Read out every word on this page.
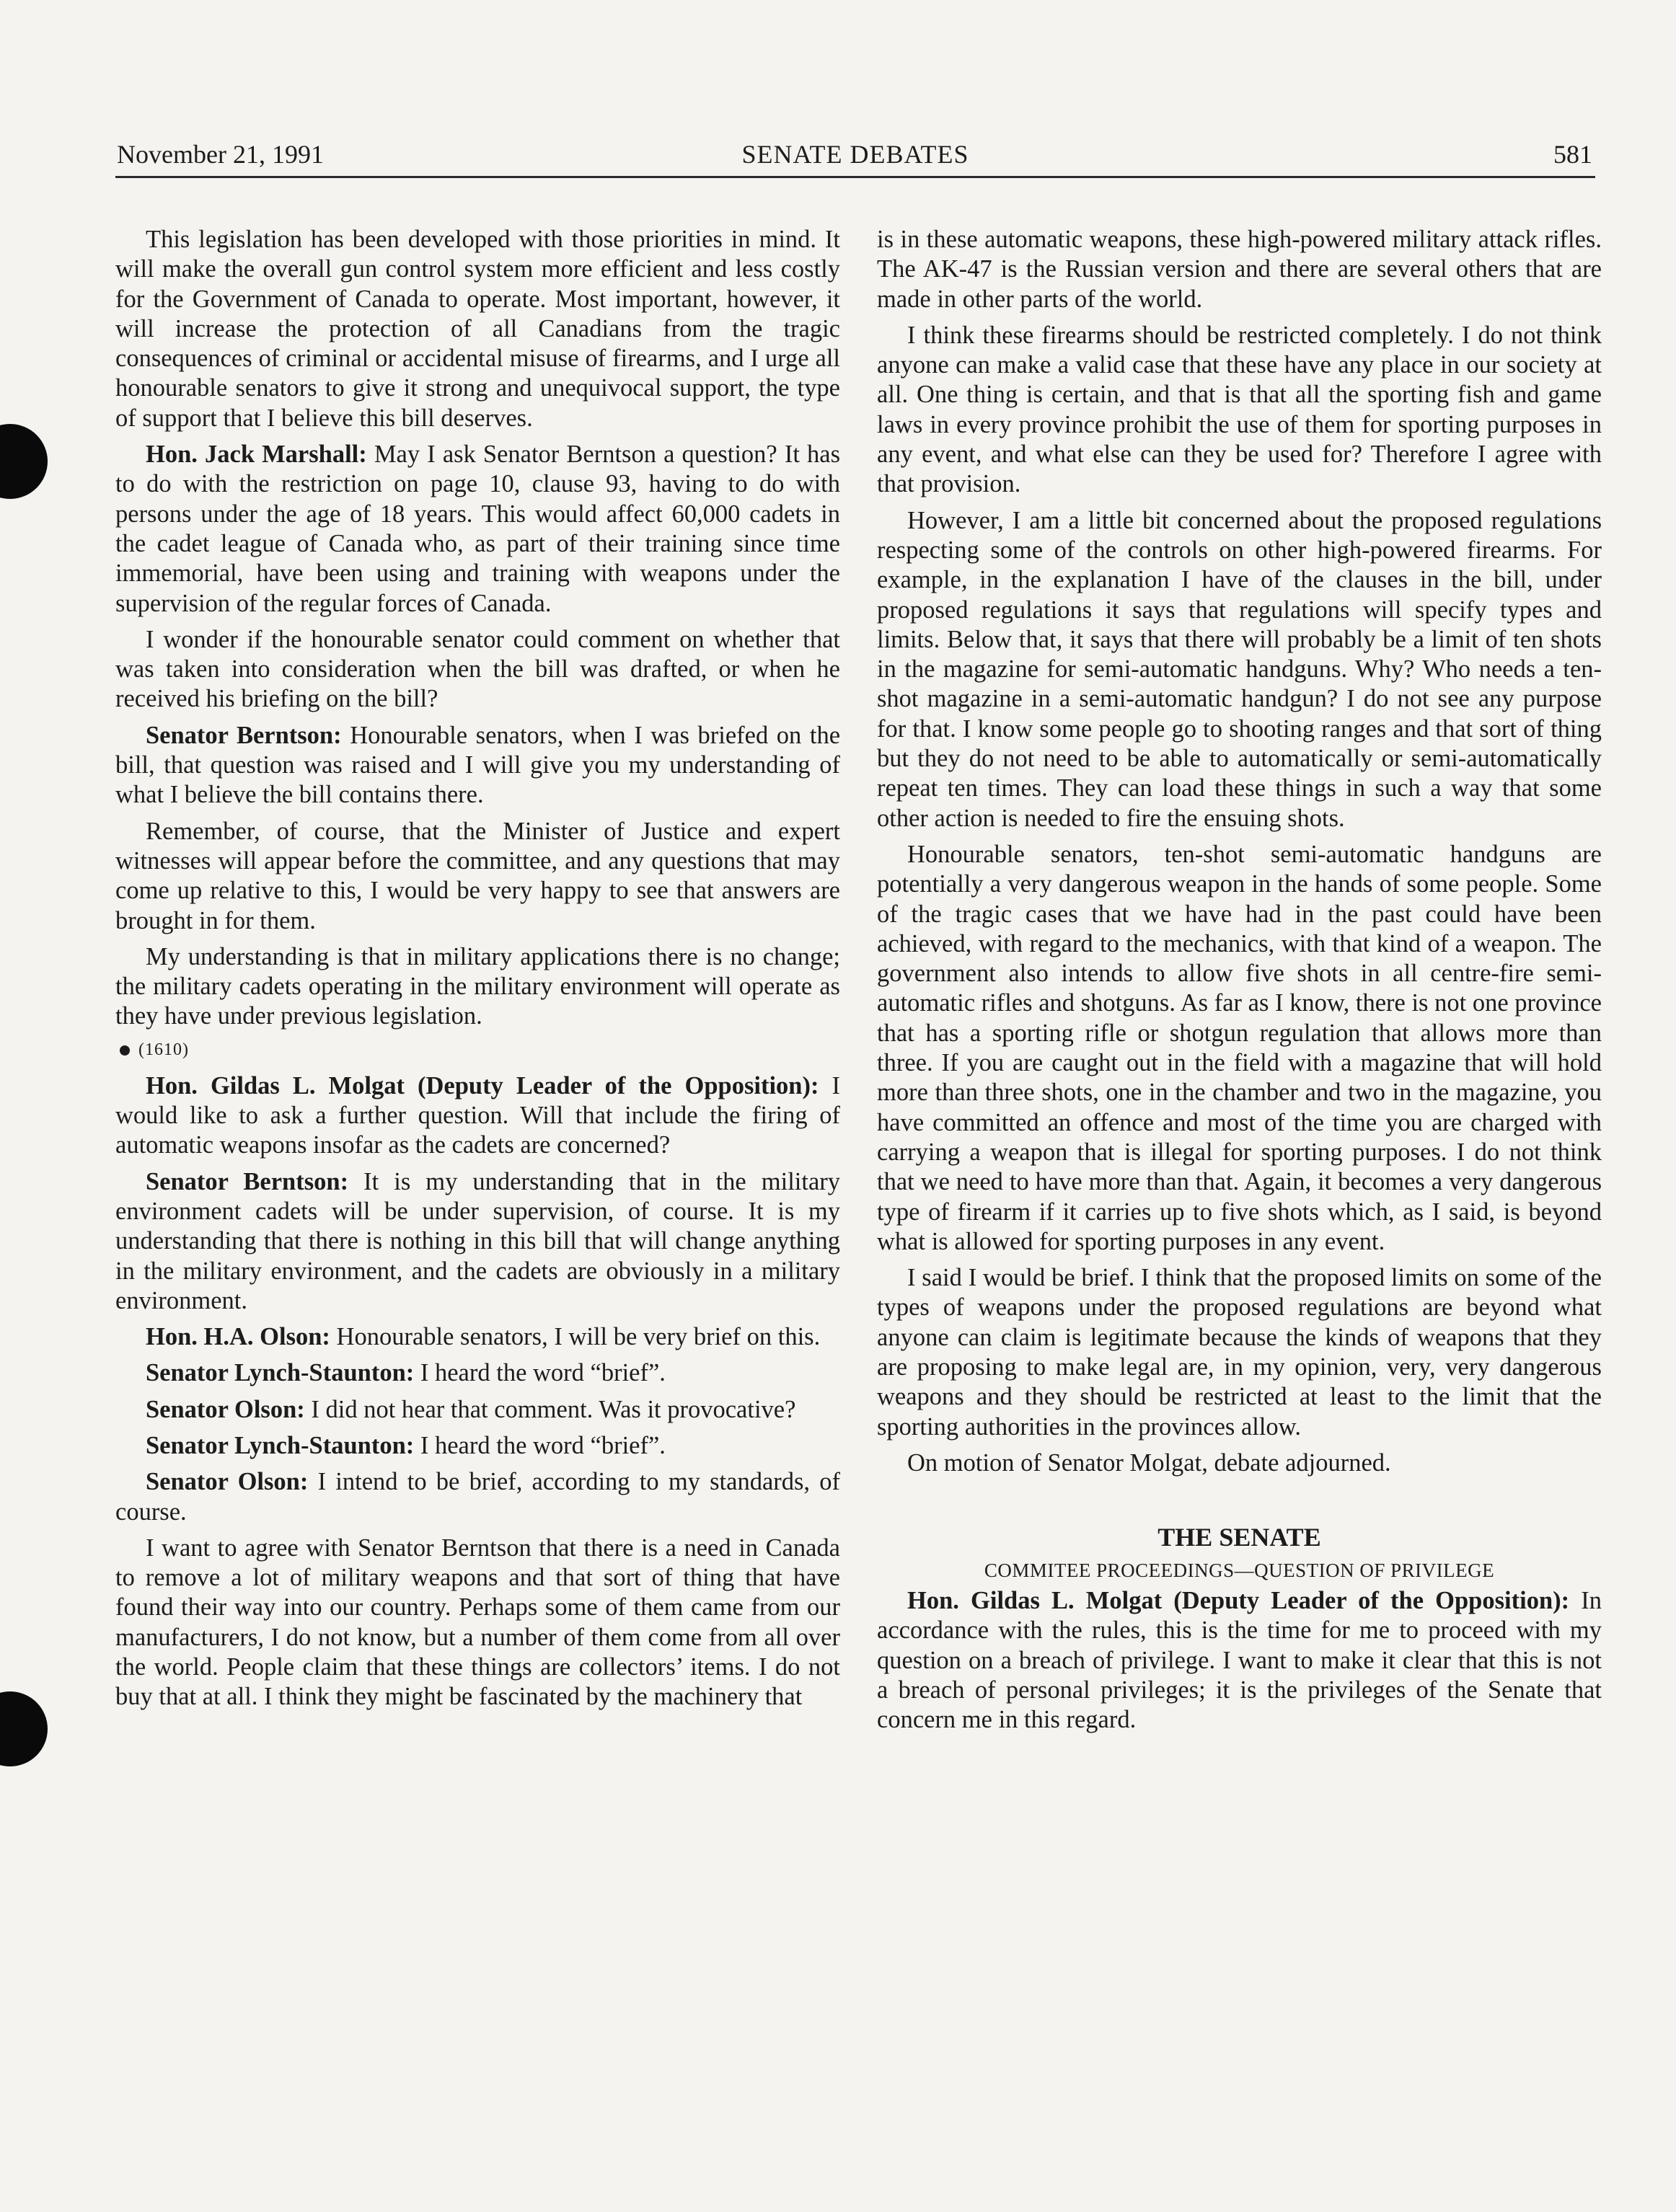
November 21, 1991	SENATE DEBATES	581

This legislation has been developed with those priorities in mind. It will make the overall gun control system more efficient and less costly for the Government of Canada to operate. Most important, however, it will increase the protection of all Canadians from the tragic consequences of criminal or accidental misuse of firearms, and I urge all honourable senators to give it strong and unequivocal support, the type of support that I believe this bill deserves.

Hon. Jack Marshall: May I ask Senator Berntson a question? It has to do with the restriction on page 10, clause 93, having to do with persons under the age of 18 years. This would affect 60,000 cadets in the cadet league of Canada who, as part of their training since time immemorial, have been using and training with weapons under the supervision of the regular forces of Canada.

I wonder if the honourable senator could comment on whether that was taken into consideration when the bill was drafted, or when he received his briefing on the bill?

Senator Berntson: Honourable senators, when I was briefed on the bill, that question was raised and I will give you my understanding of what I believe the bill contains there.

Remember, of course, that the Minister of Justice and expert witnesses will appear before the committee, and any questions that may come up relative to this, I would be very happy to see that answers are brought in for them.

My understanding is that in military applications there is no change; the military cadets operating in the military environment will operate as they have under previous legislation.

(1610)

Hon. Gildas L. Molgat (Deputy Leader of the Opposition): I would like to ask a further question. Will that include the firing of automatic weapons insofar as the cadets are concerned?

Senator Berntson: It is my understanding that in the military environment cadets will be under supervision, of course. It is my understanding that there is nothing in this bill that will change anything in the military environment, and the cadets are obviously in a military environment.

Hon. H.A. Olson: Honourable senators, I will be very brief on this.

Senator Lynch-Staunton: I heard the word “brief”.

Senator Olson: I did not hear that comment. Was it provocative?

Senator Lynch-Staunton: I heard the word “brief”.

Senator Olson: I intend to be brief, according to my standards, of course.

I want to agree with Senator Berntson that there is a need in Canada to remove a lot of military weapons and that sort of thing that have found their way into our country. Perhaps some of them came from our manufacturers, I do not know, but a number of them come from all over the world. People claim that these things are collectors’ items. I do not buy that at all. I think they might be fascinated by the machinery that

is in these automatic weapons, these high-powered military attack rifles. The AK-47 is the Russian version and there are several others that are made in other parts of the world.

I think these firearms should be restricted completely. I do not think anyone can make a valid case that these have any place in our society at all. One thing is certain, and that is that all the sporting fish and game laws in every province prohibit the use of them for sporting purposes in any event, and what else can they be used for? Therefore I agree with that provision.

However, I am a little bit concerned about the proposed regulations respecting some of the controls on other high-powered firearms. For example, in the explanation I have of the clauses in the bill, under proposed regulations it says that regulations will specify types and limits. Below that, it says that there will probably be a limit of ten shots in the magazine for semi-automatic handguns. Why? Who needs a ten-shot magazine in a semi-automatic handgun? I do not see any purpose for that. I know some people go to shooting ranges and that sort of thing but they do not need to be able to automatically or semi-automatically repeat ten times. They can load these things in such a way that some other action is needed to fire the ensuing shots.

Honourable senators, ten-shot semi-automatic handguns are potentially a very dangerous weapon in the hands of some people. Some of the tragic cases that we have had in the past could have been achieved, with regard to the mechanics, with that kind of a weapon. The government also intends to allow five shots in all centre-fire semi-automatic rifles and shotguns. As far as I know, there is not one province that has a sporting rifle or shotgun regulation that allows more than three. If you are caught out in the field with a magazine that will hold more than three shots, one in the chamber and two in the magazine, you have committed an offence and most of the time you are charged with carrying a weapon that is illegal for sporting purposes. I do not think that we need to have more than that. Again, it becomes a very dangerous type of firearm if it carries up to five shots which, as I said, is beyond what is allowed for sporting purposes in any event.

I said I would be brief. I think that the proposed limits on some of the types of weapons under the proposed regulations are beyond what anyone can claim is legitimate because the kinds of weapons that they are proposing to make legal are, in my opinion, very, very dangerous weapons and they should be restricted at least to the limit that the sporting authorities in the provinces allow.

On motion of Senator Molgat, debate adjourned.

THE SENATE
COMMITEE PROCEEDINGS—QUESTION OF PRIVILEGE

Hon. Gildas L. Molgat (Deputy Leader of the Opposition): In accordance with the rules, this is the time for me to proceed with my question on a breach of privilege. I want to make it clear that this is not a breach of personal privileges; it is the privileges of the Senate that concern me in this regard.
